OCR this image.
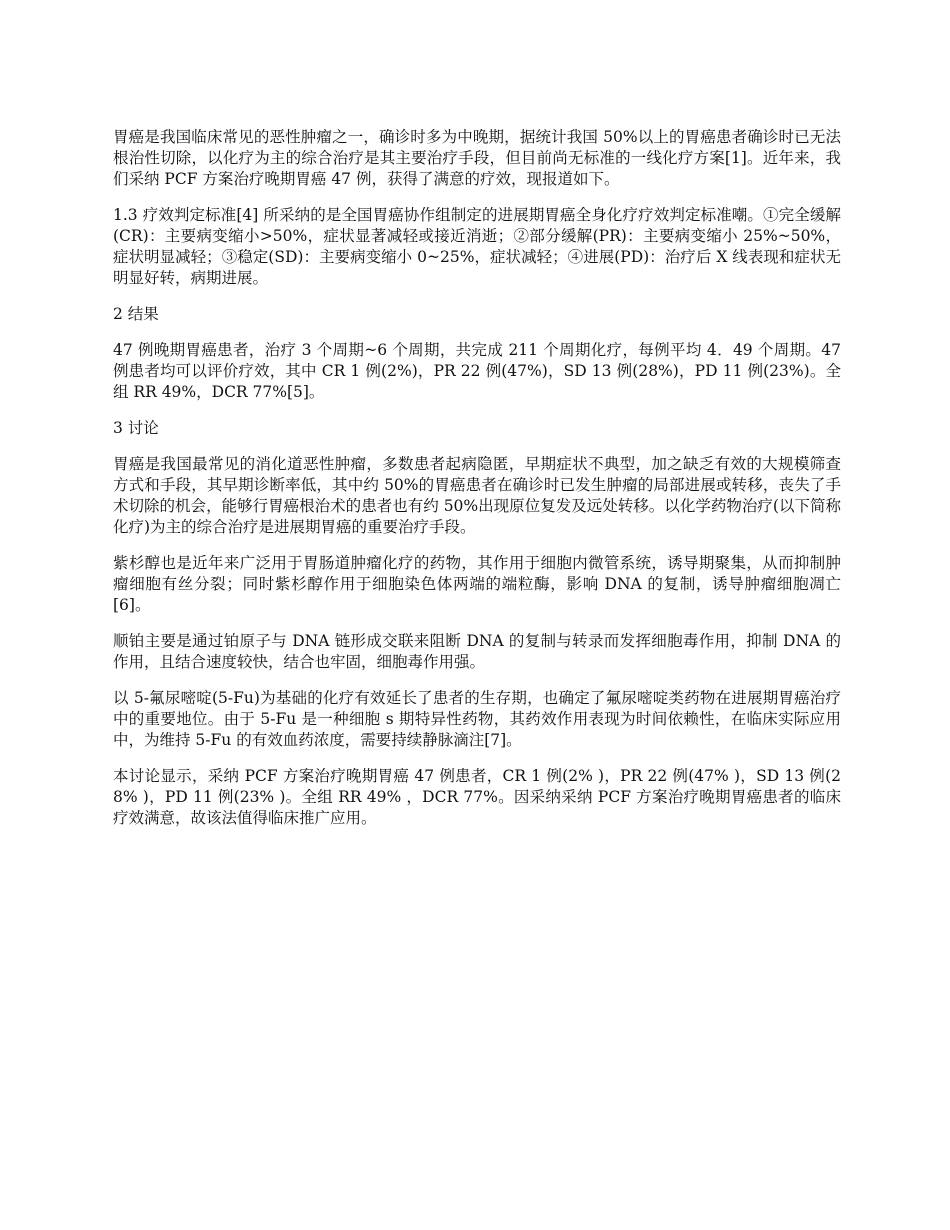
胃癌是我国临床常见的恶性肿瘤之一，确诊时多为中晚期，据统计我国 50%以上的胃癌患者确诊时已无法根治性切除，以化疗为主的综合治疗是其主要治疗手段，但目前尚无标准的一线化疗方案[1]。近年来，我们采纳 PCF 方案治疗晚期胃癌 47 例，获得了满意的疗效，现报道如下。

1.3 疗效判定标准[4] 所采纳的是全国胃癌协作组制定的进展期胃癌全身化疗疗效判定标准嘲。①完全缓解(CR)：主要病变缩小>50%，症状显著减轻或接近消逝；②部分缓解(PR)：主要病变缩小 25%~50%，症状明显减轻；③稳定(SD)：主要病变缩小 0~25%，症状减轻；④进展(PD)：治疗后 X 线表现和症状无明显好转，病期进展。

2 结果

47 例晚期胃癌患者，治疗 3 个周期~6 个周期，共完成 211 个周期化疗，每例平均 4．49 个周期。47 例患者均可以评价疗效，其中 CR 1 例(2%)，PR 22 例(47%)，SD 13 例(28%)，PD 11 例(23%)。全组 RR 49%，DCR 77%[5]。

3 讨论

胃癌是我国最常见的消化道恶性肿瘤，多数患者起病隐匿，早期症状不典型，加之缺乏有效的大规模筛查方式和手段，其早期诊断率低，其中约 50%的胃癌患者在确诊时已发生肿瘤的局部进展或转移，丧失了手术切除的机会，能够行胃癌根治术的患者也有约 50%出现原位复发及远处转移。以化学药物治疗(以下简称化疗)为主的综合治疗是进展期胃癌的重要治疗手段。

紫杉醇也是近年来广泛用于胃肠道肿瘤化疗的药物，其作用于细胞内微管系统，诱导期聚集，从而抑制肿瘤细胞有丝分裂；同时紫杉醇作用于细胞染色体两端的端粒酶，影响 DNA 的复制，诱导肿瘤细胞凋亡[6]。

顺铂主要是通过铂原子与 DNA 链形成交联来阻断 DNA 的复制与转录而发挥细胞毒作用，抑制 DNA 的作用，且结合速度较快，结合也牢固，细胞毒作用强。

以 5-氟尿嘧啶(5-Fu)为基础的化疗有效延长了患者的生存期，也确定了氟尿嘧啶类药物在进展期胃癌治疗中的重要地位。由于 5-Fu 是一种细胞 s 期特异性药物，其药效作用表现为时间依赖性，在临床实际应用中，为维持 5-Fu 的有效血药浓度，需要持续静脉滴注[7]。

本讨论显示，采纳 PCF 方案治疗晚期胃癌 47 例患者，CR 1 例(2% )，PR 22 例(47% )，SD 13 例(28% )，PD 11 例(23% )。全组 RR 49% ，DCR 77%。因采纳采纳 PCF 方案治疗晚期胃癌患者的临床疗效满意，故该法值得临床推广应用。
